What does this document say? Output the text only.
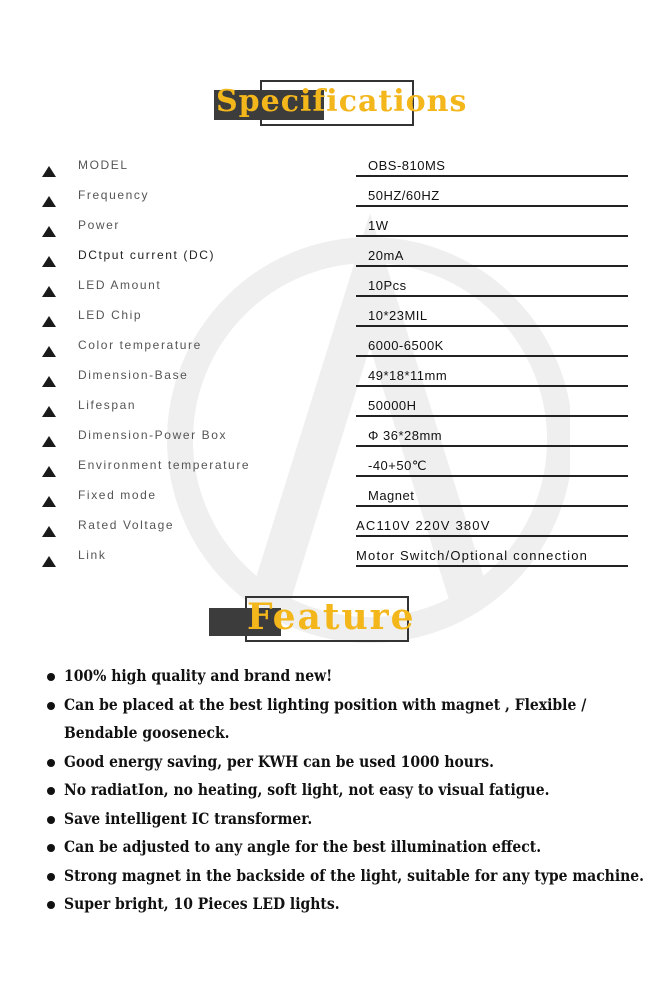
Specifications
MODEL	OBS-810MS
Frequency	50HZ/60HZ
Power	1W
DCtput current (DC)	20mA
LED Amount	10Pcs
LED Chip	10*23MIL
Color temperature	6000-6500K
Dimension-Base	49*18*11mm
Lifespan	50000H
Dimension-Power Box	Φ 36*28mm
Environment temperature	-40+50℃
Fixed mode	Magnet
Rated Voltage	AC110V 220V 380V
Link	Motor Switch/Optional connection
Feature
100% high quality and brand new!
Can be placed at the best lighting position with magnet , Flexible / Bendable gooseneck.
Good energy saving, per KWH can be used 1000 hours.
No radiatIon, no heating, soft light, not easy to visual fatigue.
Save intelligent IC transformer.
Can be adjusted to any angle for the best illumination effect.
Strong magnet in the backside of the light, suitable for any type machine.
Super bright, 10 Pieces LED lights.
